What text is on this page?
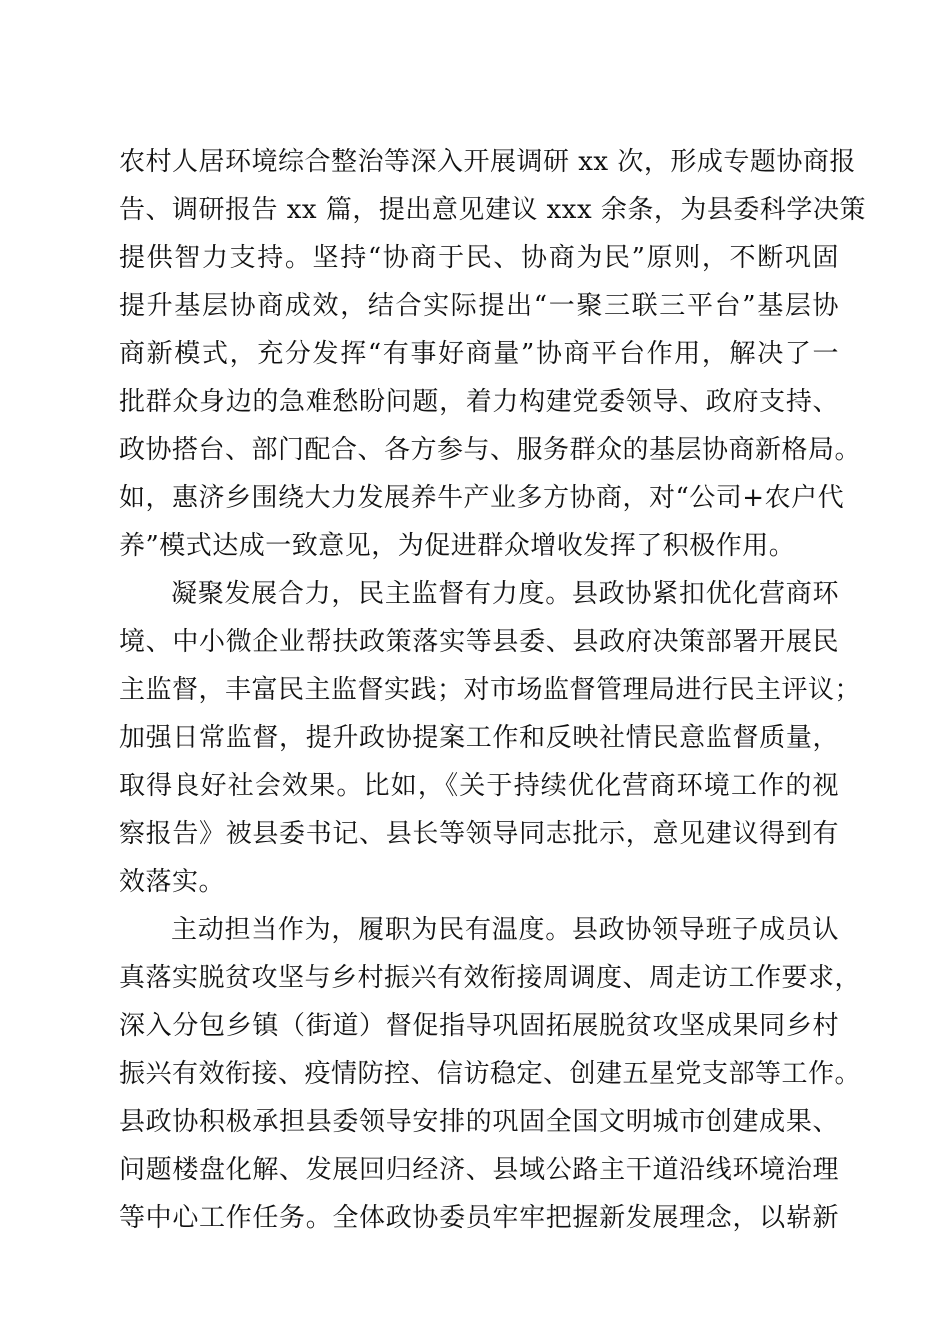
农村人居环境综合整治等深入开展调研 xx 次，形成专题协商报
告、调研报告 xx 篇，提出意见建议 xxx 余条，为县委科学决策
提供智力支持。坚持“协商于民、协商为民”原则，不断巩固
提升基层协商成效，结合实际提出“一聚三联三平台”基层协
商新模式，充分发挥“有事好商量”协商平台作用，解决了一
批群众身边的急难愁盼问题，着力构建党委领导、政府支持、
政协搭台、部门配合、各方参与、服务群众的基层协商新格局。
如，惠济乡围绕大力发展养牛产业多方协商，对“公司+农户代
养”模式达成一致意见，为促进群众增收发挥了积极作用。
凝聚发展合力，民主监督有力度。县政协紧扣优化营商环
境、中小微企业帮扶政策落实等县委、县政府决策部署开展民
主监督，丰富民主监督实践；对市场监督管理局进行民主评议；
加强日常监督，提升政协提案工作和反映社情民意监督质量，
取得良好社会效果。比如，《关于持续优化营商环境工作的视
察报告》被县委书记、县长等领导同志批示，意见建议得到有
效落实。
主动担当作为，履职为民有温度。县政协领导班子成员认
真落实脱贫攻坚与乡村振兴有效衔接周调度、周走访工作要求，
深入分包乡镇（街道）督促指导巩固拓展脱贫攻坚成果同乡村
振兴有效衔接、疫情防控、信访稳定、创建五星党支部等工作。
县政协积极承担县委领导安排的巩固全国文明城市创建成果、
问题楼盘化解、发展回归经济、县域公路主干道沿线环境治理
等中心工作任务。全体政协委员牢牢把握新发展理念，以崭新
